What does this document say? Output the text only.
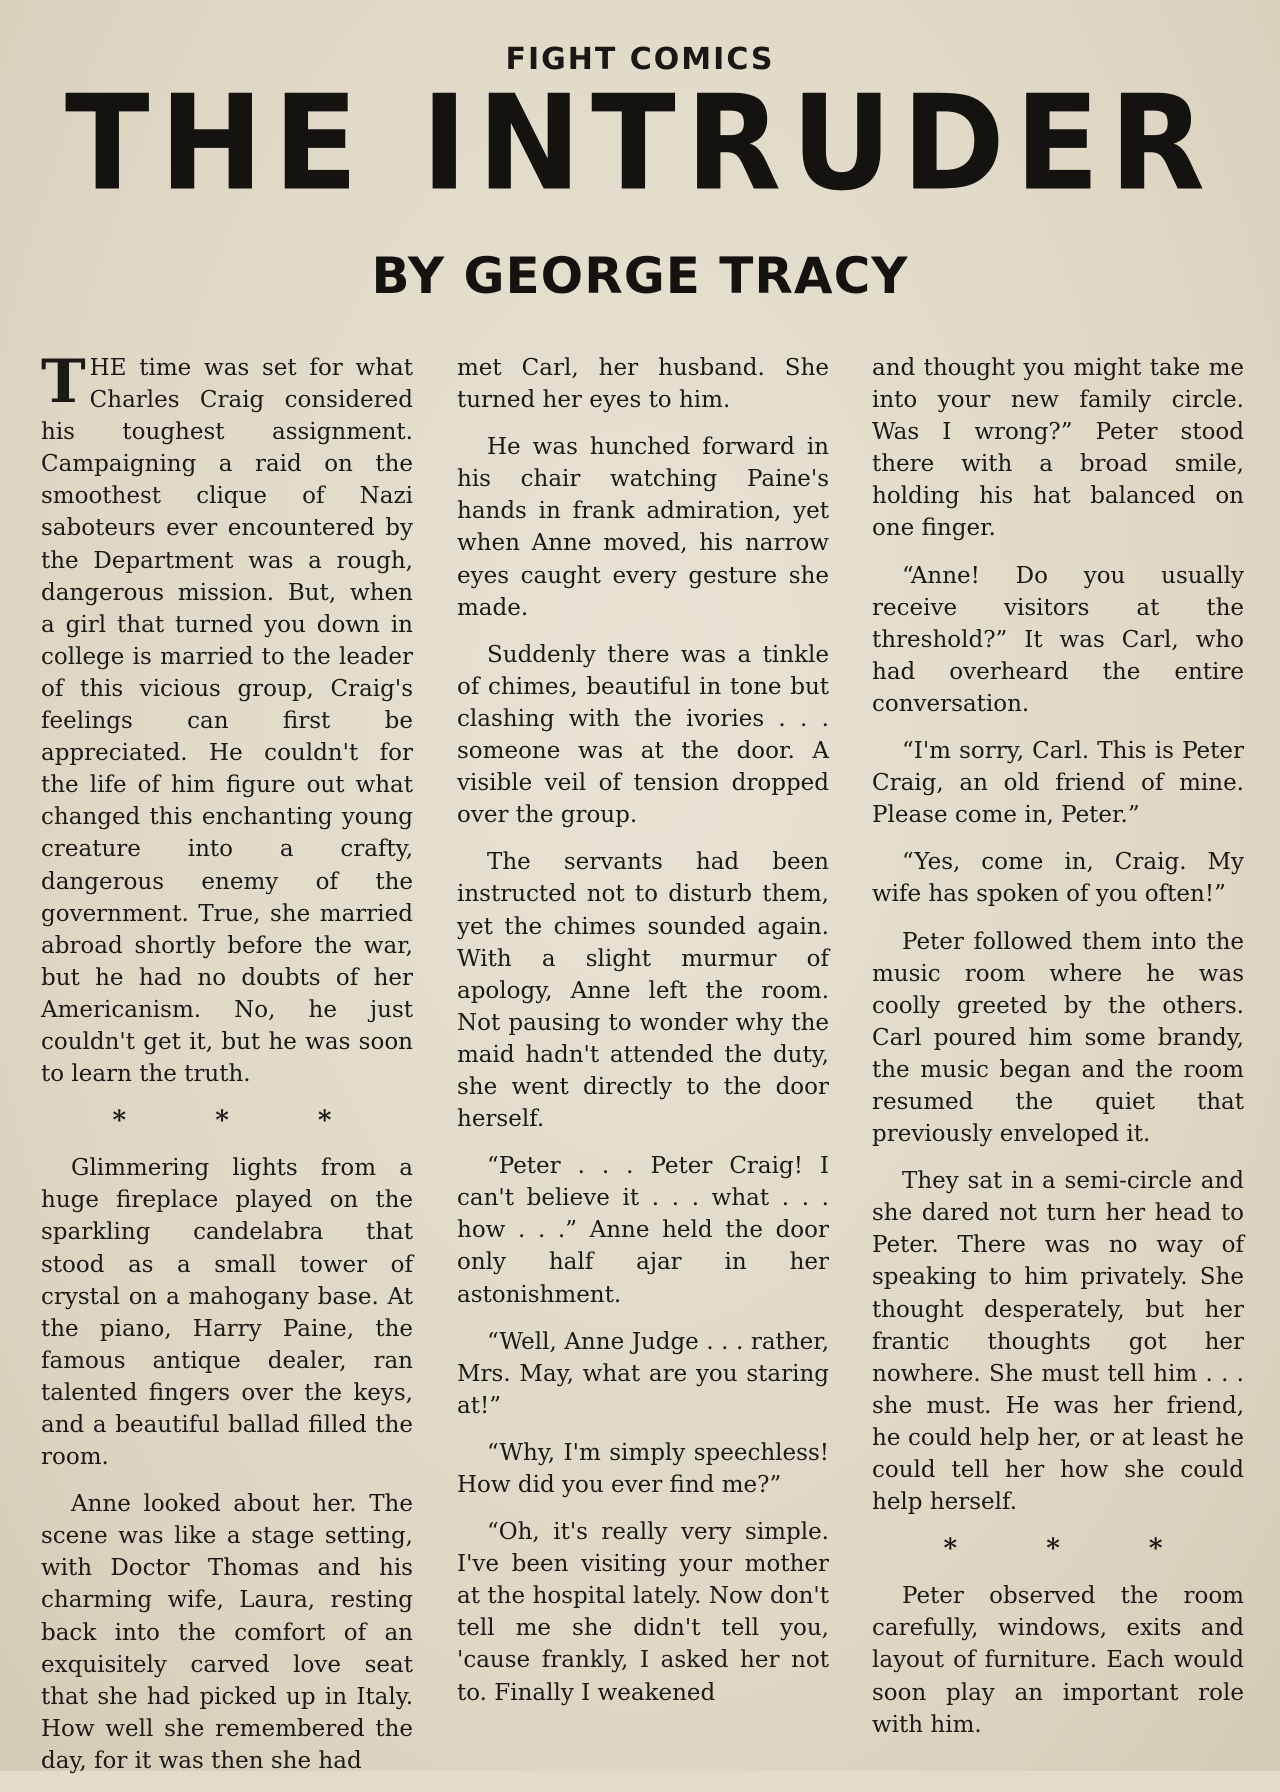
FIGHT COMICS
THE INTRUDER
BY GEORGE TRACY

THE time was set for what Charles Craig considered his toughest assignment. Campaigning a raid on the smoothest clique of Nazi saboteurs ever encountered by the Department was a rough, dangerous mission. But, when a girl that turned you down in college is married to the leader of this vicious group, Craig's feelings can first be appreciated. He couldn't for the life of him figure out what changed this enchanting young creature into a crafty, dangerous enemy of the government. True, she married abroad shortly before the war, but he had no doubts of her Americanism. No, he just couldn't get it, but he was soon to learn the truth.

* * *

Glimmering lights from a huge fireplace played on the sparkling candelabra that stood as a small tower of crystal on a mahogany base. At the piano, Harry Paine, the famous antique dealer, ran talented fingers over the keys, and a beautiful ballad filled the room.

Anne looked about her. The scene was like a stage setting, with Doctor Thomas and his charming wife, Laura, resting back into the comfort of an exquisitely carved love seat that she had picked up in Italy. How well she remembered the day, for it was then she had

met Carl, her husband. She turned her eyes to him.

He was hunched forward in his chair watching Paine's hands in frank admiration, yet when Anne moved, his narrow eyes caught every gesture she made.

Suddenly there was a tinkle of chimes, beautiful in tone but clashing with the ivories . . . someone was at the door. A visible veil of tension dropped over the group.

The servants had been instructed not to disturb them, yet the chimes sounded again. With a slight murmur of apology, Anne left the room. Not pausing to wonder why the maid hadn't attended the duty, she went directly to the door herself.

“Peter . . . Peter Craig! I can't believe it . . . what . . . how . . .” Anne held the door only half ajar in her astonishment.

“Well, Anne Judge . . . rather, Mrs. May, what are you staring at!”

“Why, I'm simply speechless! How did you ever find me?”

“Oh, it's really very simple. I've been visiting your mother at the hospital lately. Now don't tell me she didn't tell you, 'cause frankly, I asked her not to. Finally I weakened

and thought you might take me into your new family circle. Was I wrong?” Peter stood there with a broad smile, holding his hat balanced on one finger.

“Anne! Do you usually receive visitors at the threshold?” It was Carl, who had overheard the entire conversation.

“I'm sorry, Carl. This is Peter Craig, an old friend of mine. Please come in, Peter.”

“Yes, come in, Craig. My wife has spoken of you often!”

Peter followed them into the music room where he was coolly greeted by the others. Carl poured him some brandy, the music began and the room resumed the quiet that previously enveloped it.

They sat in a semi-circle and she dared not turn her head to Peter. There was no way of speaking to him privately. She thought desperately, but her frantic thoughts got her nowhere. She must tell him . . . she must. He was her friend, he could help her, or at least he could tell her how she could help herself.

* * *

Peter observed the room carefully, windows, exits and layout of furniture. Each would soon play an important role with him.
